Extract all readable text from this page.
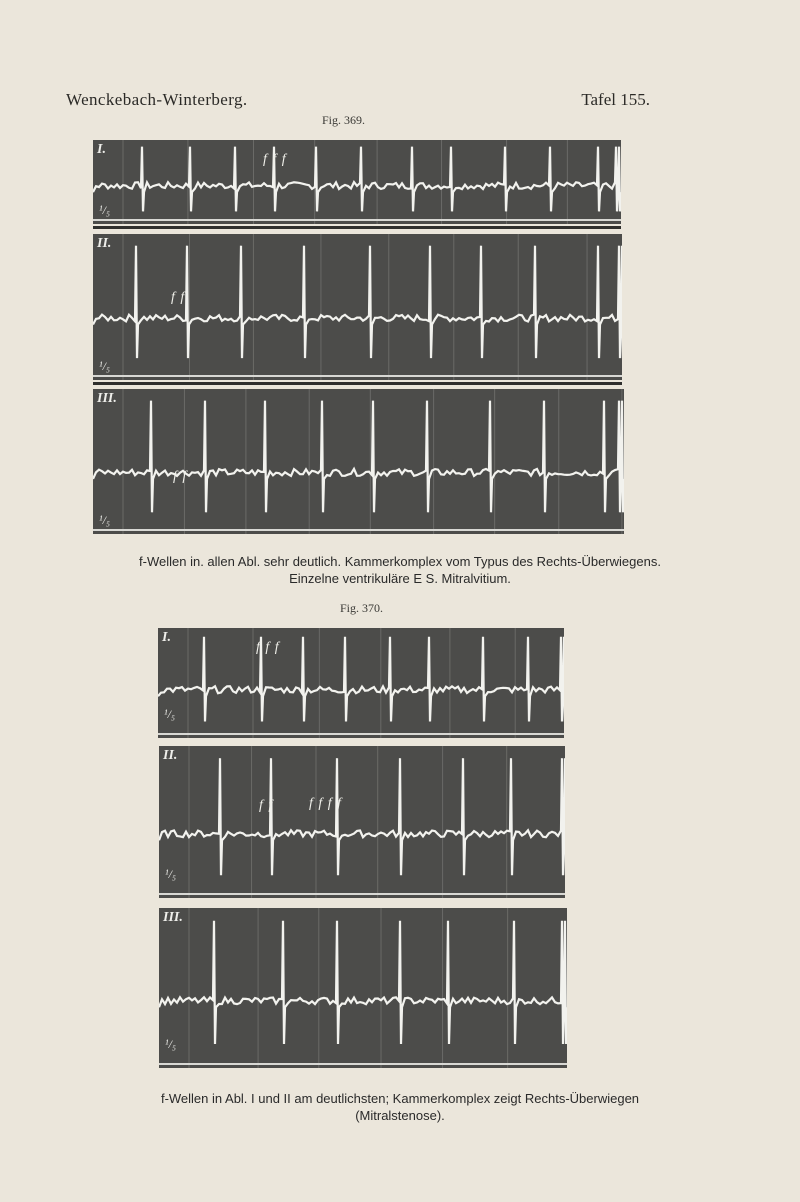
Wenckebach-Winterberg.	Tafel 155.
Fig. 369.
I.
f f f
¹/₅
II.
f f
¹/₅
III.
f f
¹/₅
f-Wellen in. allen Abl. sehr deutlich. Kammerkomplex vom Typus des Rechts-Überwiegens.
Einzelne ventrikuläre E S. Mitralvitium.
Fig. 370.
I.
f f f
¹/₅
II.
f f	f f f f
¹/₅
III.
¹/₅
f-Wellen in Abl. I und II am deutlichsten; Kammerkomplex zeigt Rechts-Überwiegen
(Mitralstenose).
